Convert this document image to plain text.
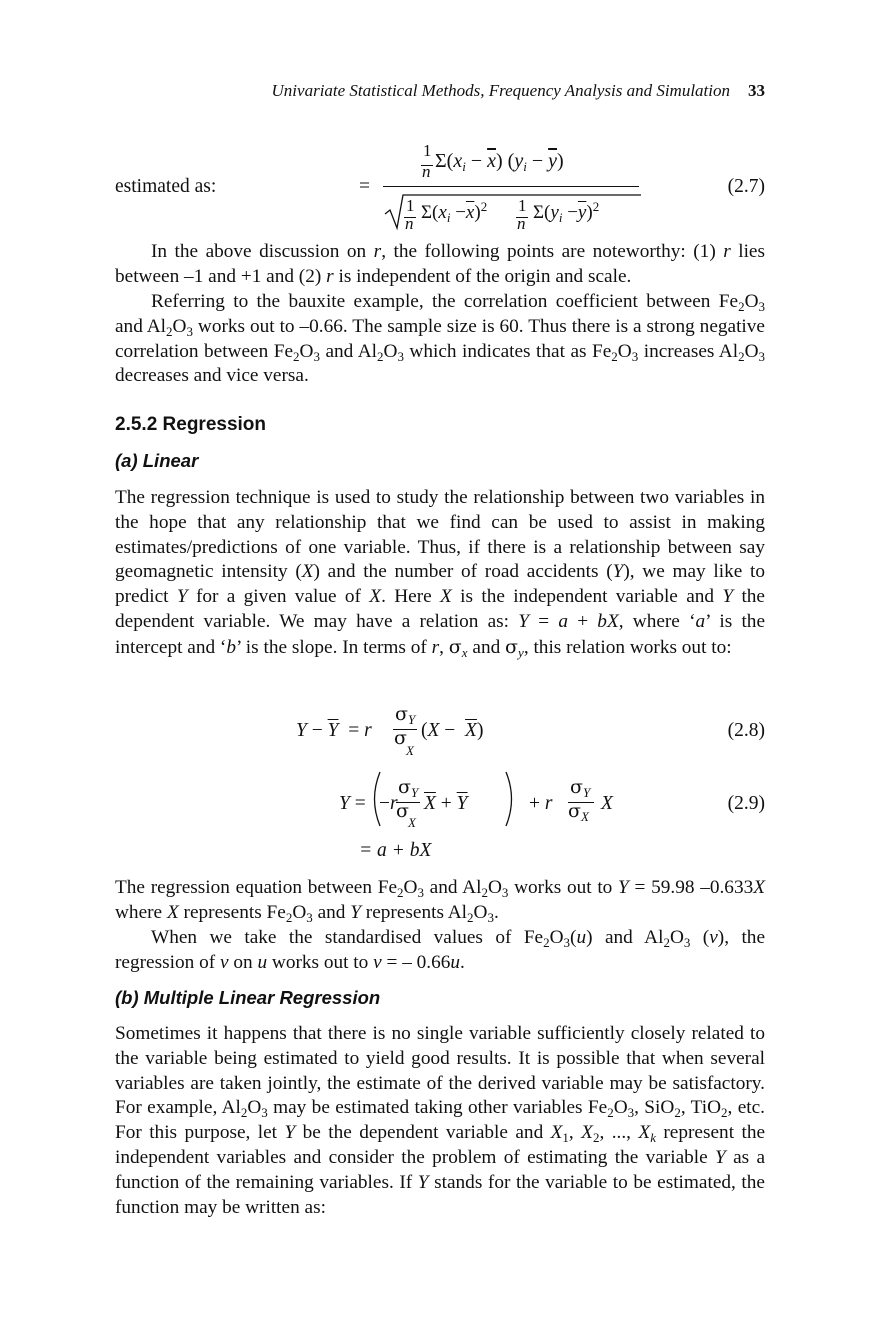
Univariate Statistical Methods, Frequency Analysis and Simulation 33
estimated as:	=
1
n $\Sigma(x_i - \overline{x}) (y_i - \overline{y})$
1
n
$\Sigma(x_i -\overline{x})^2$ 1
n
$\Sigma(y_i -\overline{y})^2$
(2.7)
In the above discussion on r, the following points are noteworthy: (1) r lies between –1 and +1 and (2) r is independent of the origin and scale.
Referring to the bauxite example, the correlation coefficient between $Fe_2O_3$ and $Al_2O_3$ works out to –0.66. The sample size is 60. Thus there is a strong negative correlation between $Fe_2O_3$ and $Al_2O_3$ which indicates that as $Fe_2O_3$ increases $Al_2O_3$ decreases and vice versa.
2.5.2 Regression
(a) Linear
The regression technique is used to study the relationship between two variables in the hope that any relationship that we find can be used to assist in making estimates/predictions of one variable. Thus, if there is a relationship between say geomagnetic intensity (X) and the number of road accidents (Y), we may like to predict Y for a given value of X. Here X is the independent variable and Y the dependent variable. We may have a relation as: Y = a + bX, where ‘a’ is the intercept and ‘b’ is the slope. In terms of r, $\sigma_x$ and $\sigma_y$, this relation works out to:
$Y - \overline{Y} = r$
$\sigma_Y$
σ
X
$(X - \overline{X})$	(2.8)
Y = −r
$\sigma_Y$
σ
X
$\overline{X} + \overline{Y}$	+ r
$\sigma_Y$
$\sigma_X$
X	(2.9)
= a + bX
The regression equation between $Fe_2O_3$ and $Al_2O_3$ works out to Y = 59.98 –0.633X where X represents $Fe_2O_3$ and Y represents $Al_2O_3$.
When we take the standardised values of $Fe_2O_3(u)$ and $Al_2O_3$ (v), the regression of v on u works out to v = – 0.66u.
(b) Multiple Linear Regression
Sometimes it happens that there is no single variable sufficiently closely related to the variable being estimated to yield good results. It is possible that when several variables are taken jointly, the estimate of the derived variable may be satisfactory. For example, $Al_2O_3$ may be estimated taking other variables $Fe_2O_3$, SiO$_2$, TiO$_2$, etc. For this purpose, let Y be the dependent variable and $X_1$, $X_2$, ..., $X_k$ represent the independent variables and consider the problem of estimating the variable Y as a function of the remaining variables. If Y stands for the variable to be estimated, the function may be written as:
